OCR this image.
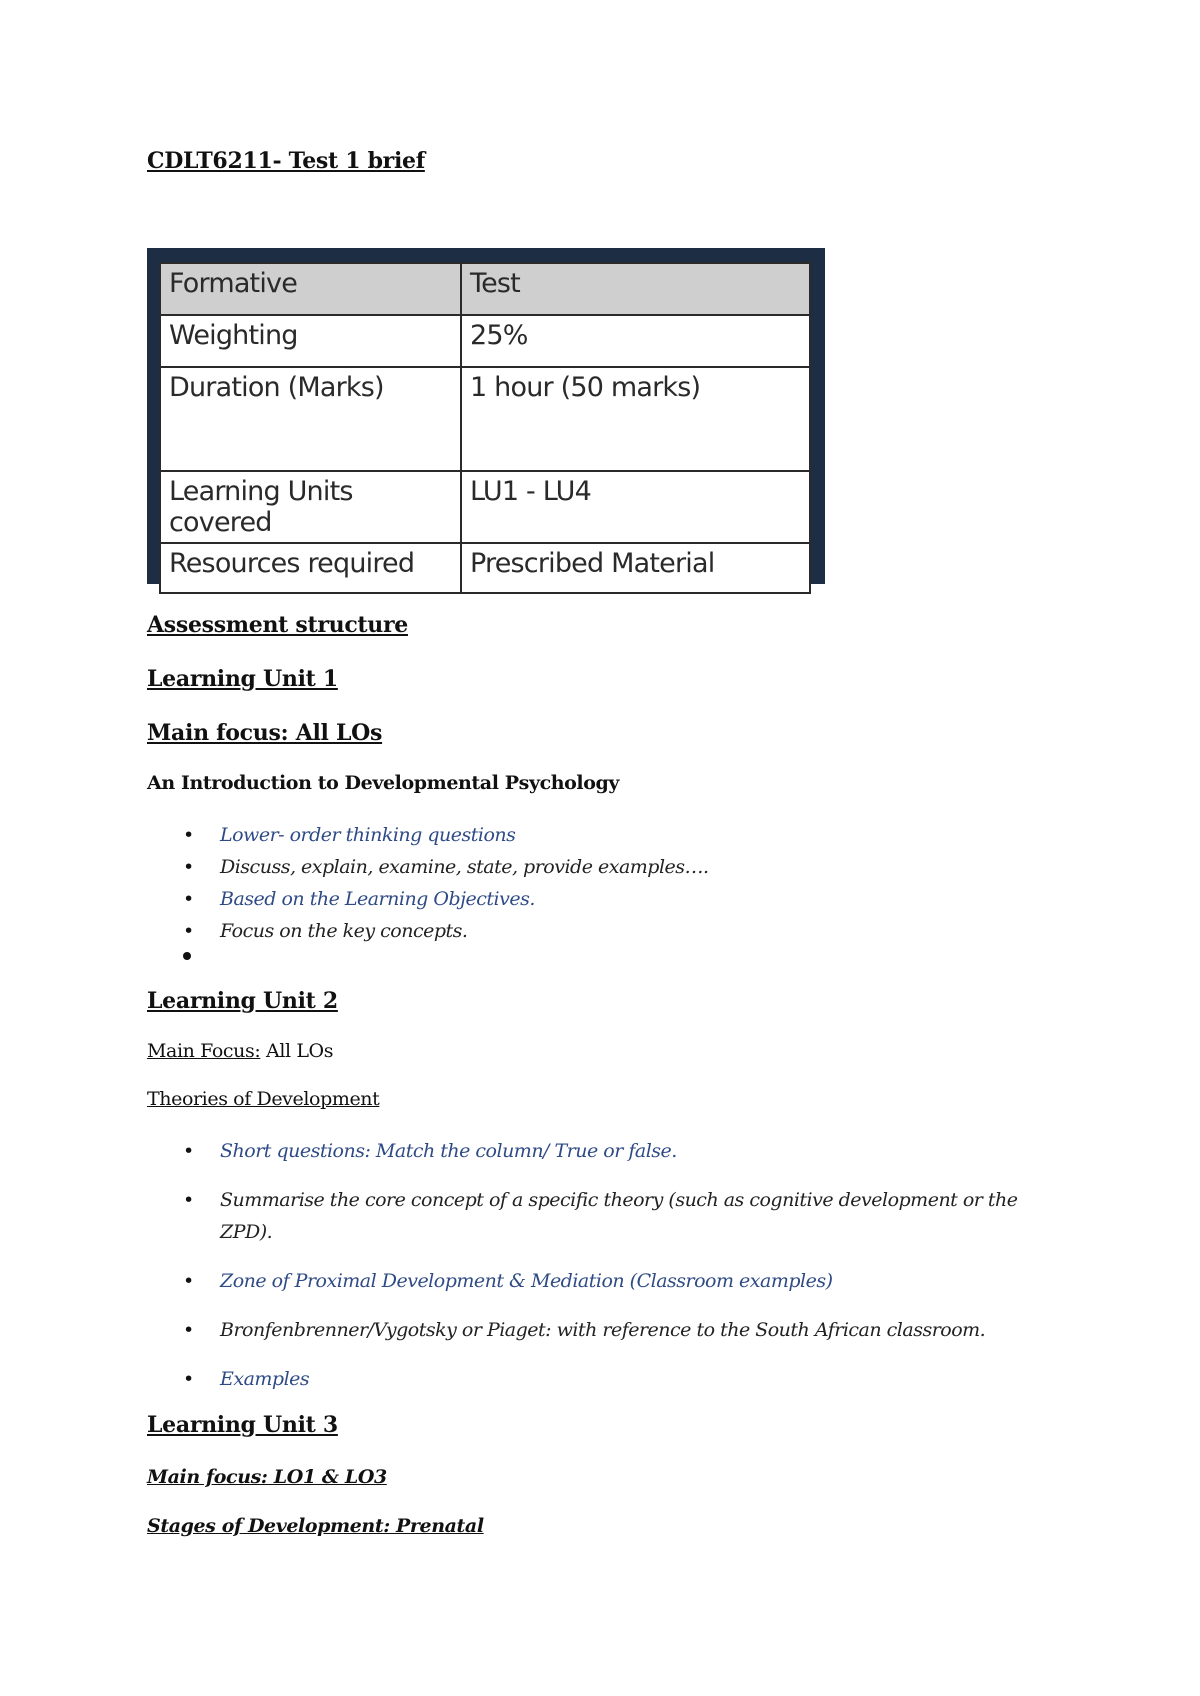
CDLT6211- Test 1 brief
Formative	Test
Weighting	25%
Duration (Marks)	1 hour (50 marks)
Learning Units covered	LU1 - LU4
Resources required	Prescribed Material
Assessment structure
Learning Unit 1
Main focus: All LOs
An Introduction to Developmental Psychology
• Lower- order thinking questions
• Discuss, explain, examine, state, provide examples….
• Based on the Learning Objectives.
• Focus on the key concepts.
Learning Unit 2
Main Focus: All LOs
Theories of Development
• Short questions: Match the column/ True or false.
• Summarise the core concept of a specific theory (such as cognitive development or the ZPD).
• Zone of Proximal Development & Mediation (Classroom examples)
• Bronfenbrenner/Vygotsky or Piaget: with reference to the South African classroom.
• Examples
Learning Unit 3
Main focus: LO1 & LO3
Stages of Development: Prenatal
